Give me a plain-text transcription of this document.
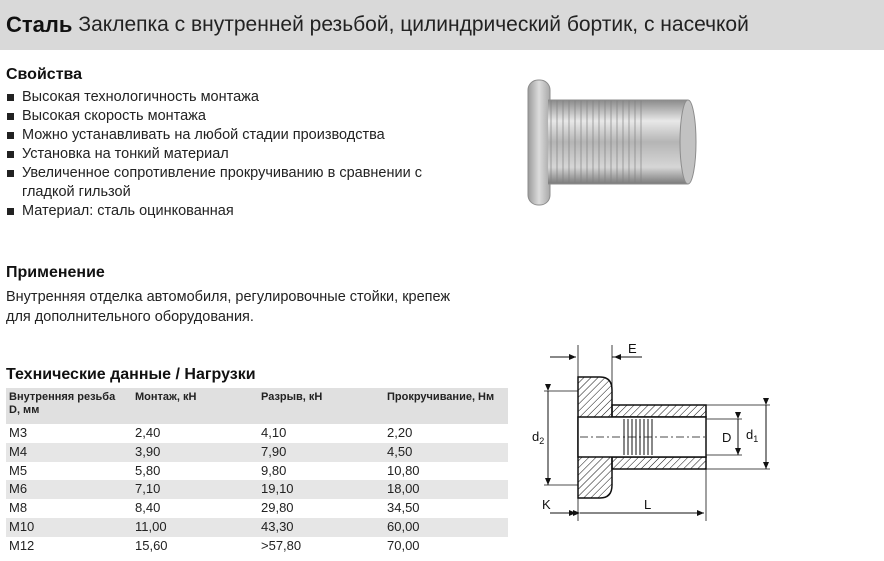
Сталь Заклепка с внутренней резьбой, цилиндрический бортик, с насечкой
Свойства
Высокая технологичность монтажа
Высокая скорость монтажа
Можно устанавливать на любой стадии производства
Установка на тонкий материал
Увеличенное сопротивление прокручиванию в сравнении с гладкой гильзой
Материал: сталь оцинкованная
Применение
Внутренняя отделка автомобиля, регулировочные стойки, крепеж для дополнительного оборудования.
Технические данные / Нагрузки
Внутренняя резьба D, мм	Монтаж, кН	Разрыв, кН	Прокручивание, Нм
М3	2,40	4,10	2,20
М4	3,90	7,90	4,50
М5	5,80	9,80	10,80
М6	7,10	19,10	18,00
М8	8,40	29,80	34,50
М10	11,00	43,30	60,00
М12	15,60	>57,80	70,00
E
$d_2$	D $d_1$
K	L
